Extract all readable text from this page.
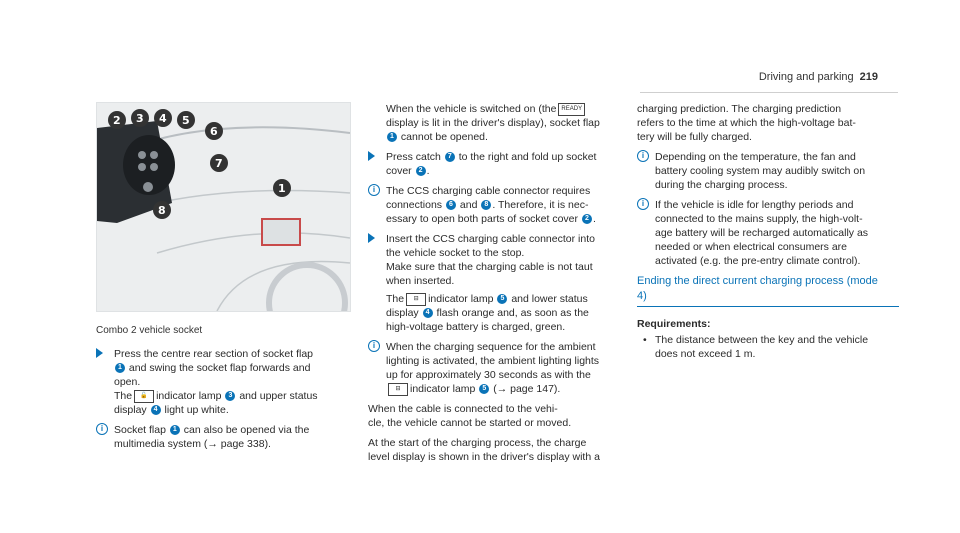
Driving and parking 219
2 3 4 5
6
7
8
1
Combo 2 vehicle socket
Press the centre rear section of socket flap
1 and swing the socket flap forwards and
open.
The 🔓 indicator lamp 3 and upper status
display 4 light up white.
i	Socket flap 1 can also be opened via the
multimedia system (→ page 338).
When the vehicle is switched on (the READY
display is lit in the driver's display), socket flap
1 cannot be opened.
Press catch 7 to the right and fold up socket
cover 2 .
i	The CCS charging cable connector requires
connections 6 and 8 . Therefore, it is nec-
essary to open both parts of socket cover 2 .
Insert the CCS charging cable connector into
the vehicle socket to the stop.
Make sure that the charging cable is not taut
when inserted.
The ⊟ indicator lamp 5 and lower status
display 4 flash orange and, as soon as the
high-voltage battery is charged, green.
i	When the charging sequence for the ambient
lighting is activated, the ambient lighting lights
up for approximately 30 seconds as with the
⊟ indicator lamp 5 (→ page 147).
When the cable is connected to the vehi-
cle, the vehicle cannot be started or moved.
At the start of the charging process, the charge
level display is shown in the driver's display with a
charging prediction. The charging prediction
refers to the time at which the high-voltage bat-
tery will be fully charged.
i	Depending on the temperature, the fan and
battery cooling system may audibly switch on
during the charging process.
i	If the vehicle is idle for lengthy periods and
connected to the mains supply, the high-volt-
age battery will be recharged automatically as
needed or when electrical consumers are
activated (e.g. the pre-entry climate control).
Ending the direct current charging process (mode
4)
Requirements:
• The distance between the key and the vehicle
does not exceed 1 m.
